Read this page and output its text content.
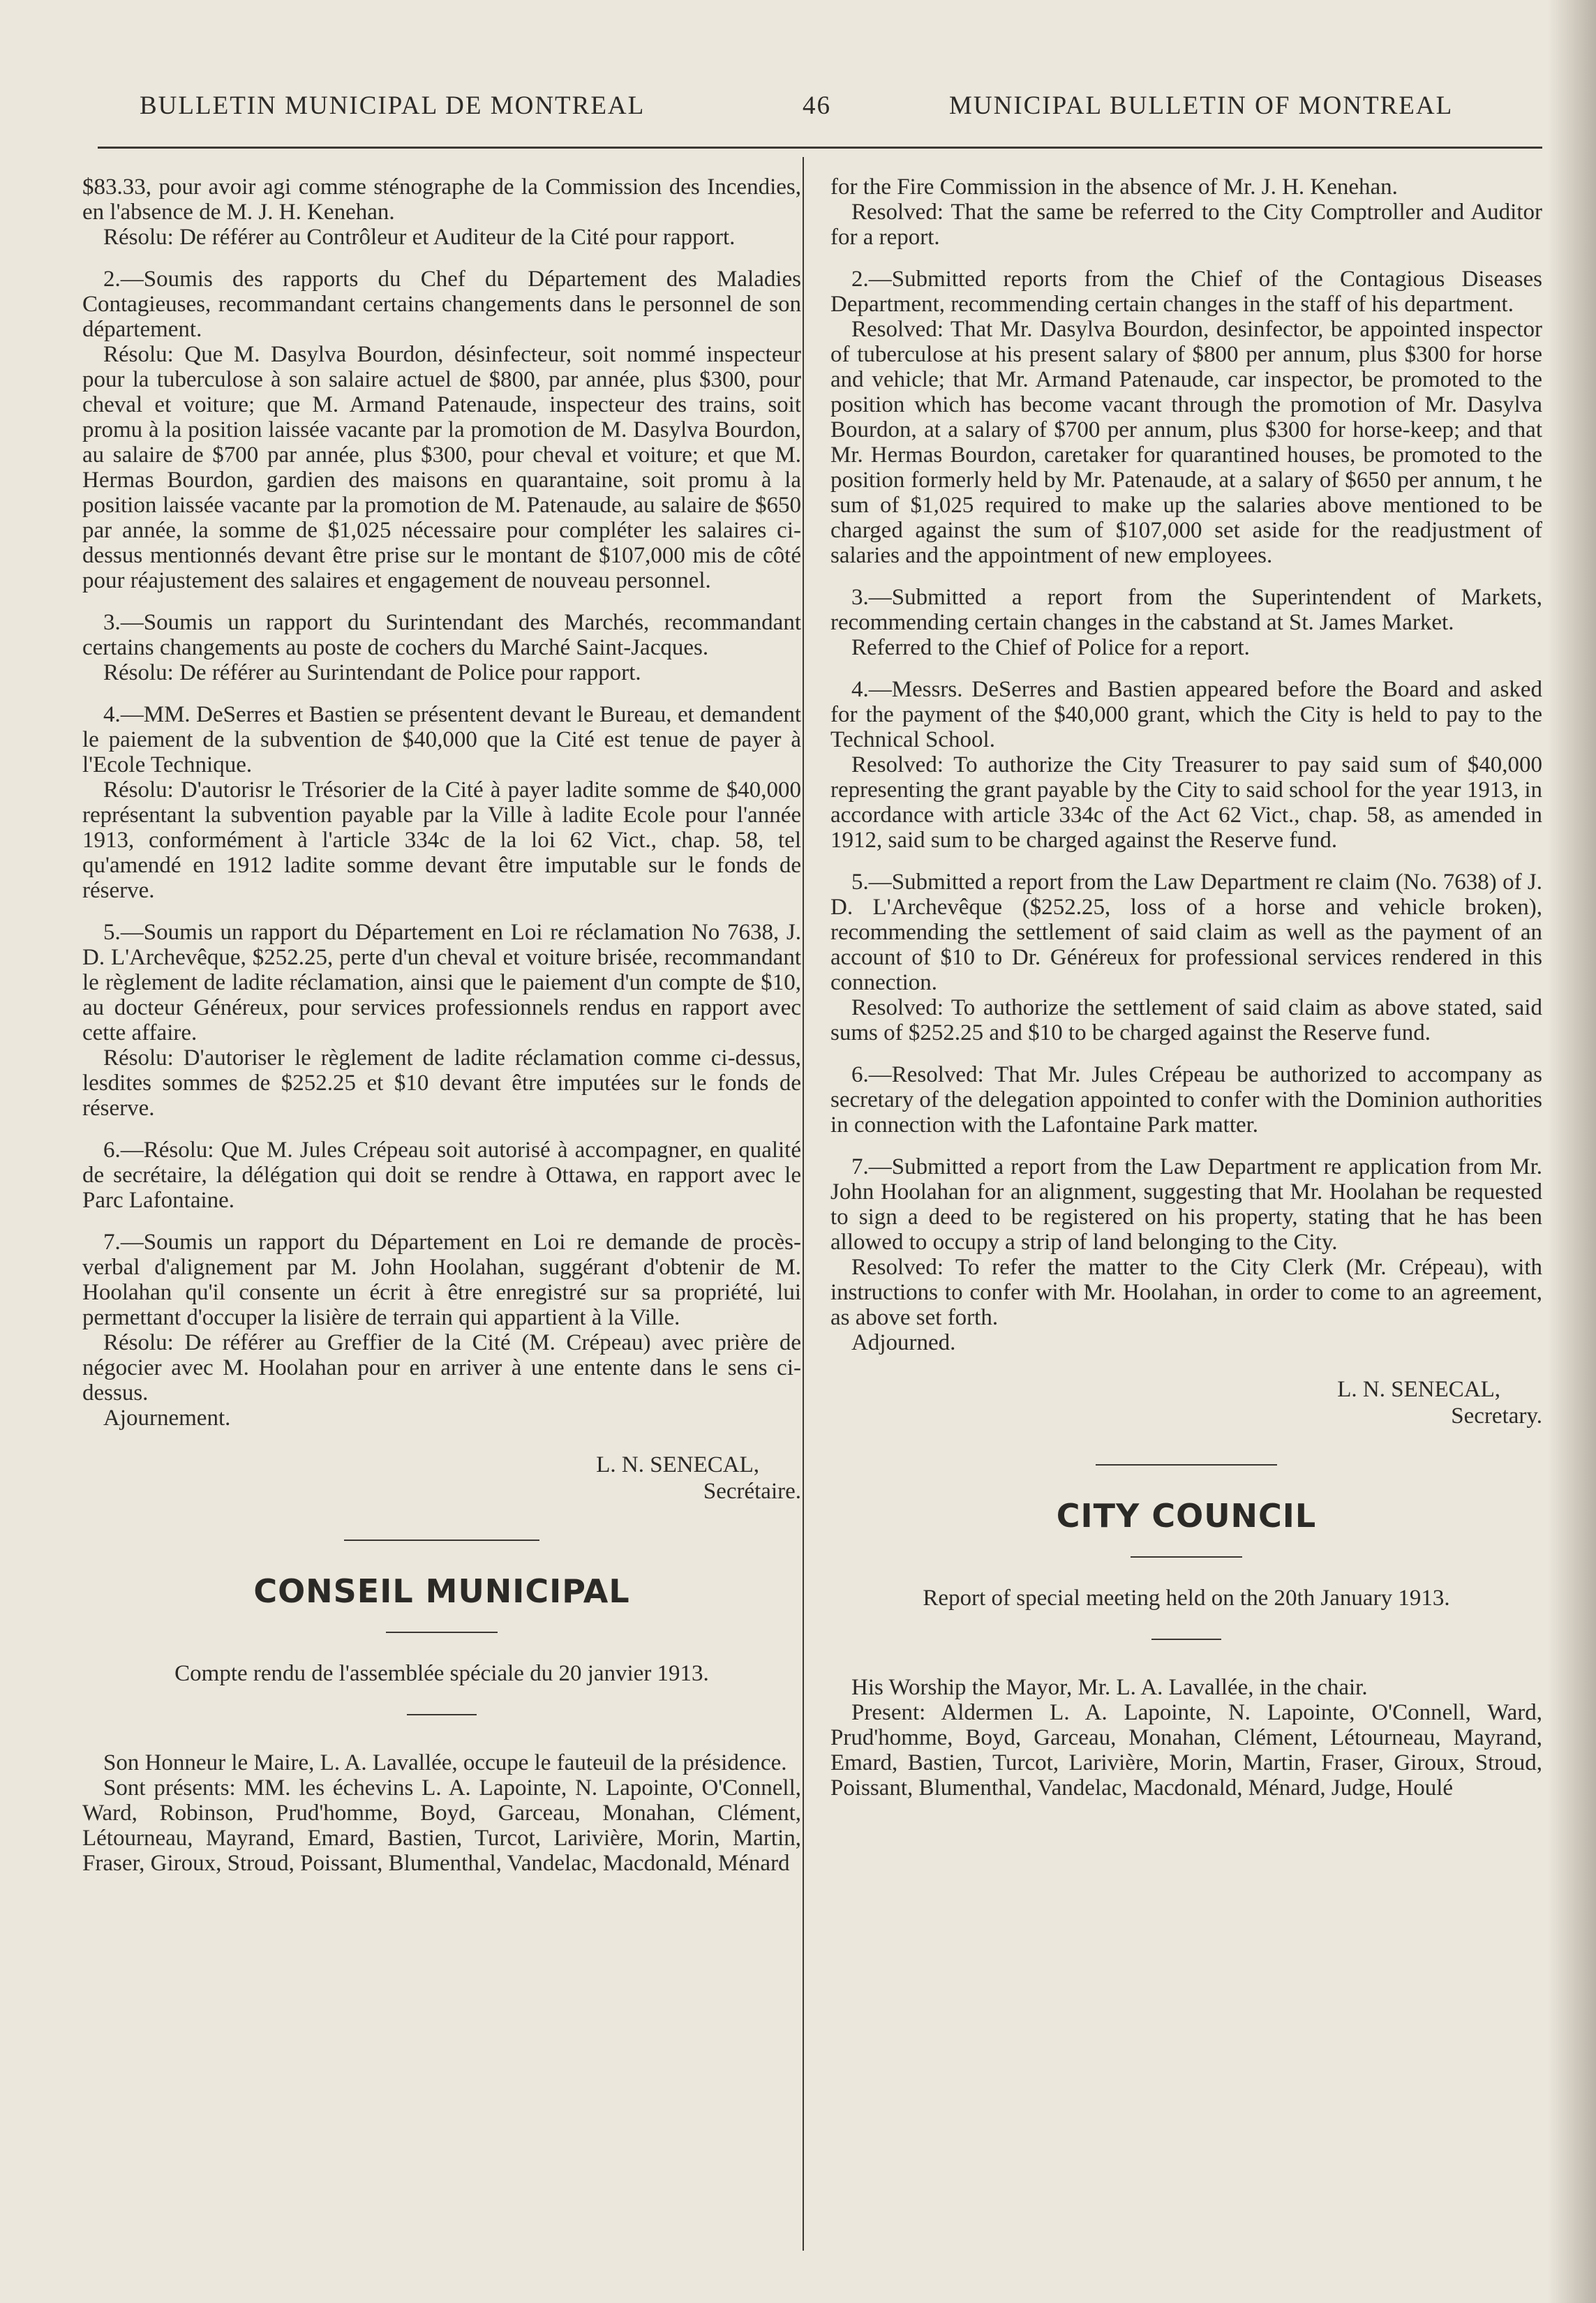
BULLETIN MUNICIPAL DE MONTREAL	46	MUNICIPAL BULLETIN OF MONTREAL

$83.33, pour avoir agi comme sténographe de la Commission des Incendies, en l'absence de M. J. H. Kenehan.

Résolu: De référer au Contrôleur et Auditeur de la Cité pour rapport.

2.—Soumis des rapports du Chef du Département des Maladies Contagieuses, recommandant certains changements dans le personnel de son département.

Résolu: Que M. Dasylva Bourdon, désinfecteur, soit nommé inspecteur pour la tuberculose à son salaire actuel de $800, par année, plus $300, pour cheval et voiture; que M. Armand Patenaude, inspecteur des trains, soit promu à la position laissée vacante par la promotion de M. Dasylva Bourdon, au salaire de $700 par année, plus $300, pour cheval et voiture; et que M. Hermas Bourdon, gardien des maisons en quarantaine, soit promu à la position laissée vacante par la promotion de M. Patenaude, au salaire de $650 par année, la somme de $1,025 nécessaire pour compléter les salaires ci-dessus mentionnés devant être prise sur le montant de $107,000 mis de côté pour réajustement des salaires et engagement de nouveau personnel.

3.—Soumis un rapport du Surintendant des Marchés, recommandant certains changements au poste de cochers du Marché Saint-Jacques.

Résolu: De référer au Surintendant de Police pour rapport.

4.—MM. DeSerres et Bastien se présentent devant le Bureau, et demandent le paiement de la subvention de $40,000 que la Cité est tenue de payer à l'Ecole Technique.

Résolu: D'autorisr le Trésorier de la Cité à payer ladite somme de $40,000 représentant la subvention payable par la Ville à ladite Ecole pour l'année 1913, conformément à l'article 334c de la loi 62 Vict., chap. 58, tel qu'amendé en 1912 ladite somme devant être imputable sur le fonds de réserve.

5.—Soumis un rapport du Département en Loi re réclamation No 7638, J. D. L'Archevêque, $252.25, perte d'un cheval et voiture brisée, recommandant le règlement de ladite réclamation, ainsi que le paiement d'un compte de $10, au docteur Généreux, pour services professionnels rendus en rapport avec cette affaire.

Résolu: D'autoriser le règlement de ladite réclamation comme ci-dessus, lesdites sommes de $252.25 et $10 devant être imputées sur le fonds de réserve.

6.—Résolu: Que M. Jules Crépeau soit autorisé à accompagner, en qualité de secrétaire, la délégation qui doit se rendre à Ottawa, en rapport avec le Parc Lafontaine.

7.—Soumis un rapport du Département en Loi re demande de procès-verbal d'alignement par M. John Hoolahan, suggérant d'obtenir de M. Hoolahan qu'il consente un écrit à être enregistré sur sa propriété, lui permettant d'occuper la lisière de terrain qui appartient à la Ville.

Résolu: De référer au Greffier de la Cité (M. Crépeau) avec prière de négocier avec M. Hoolahan pour en arriver à une entente dans le sens ci-dessus.

Ajournement.

L. N. SENECAL,
Secrétaire.
CONSEIL MUNICIPAL
Compte rendu de l'assemblée spéciale du 20 janvier 1913.

Son Honneur le Maire, L. A. Lavallée, occupe le fauteuil de la présidence.

Sont présents: MM. les échevins L. A. Lapointe, N. Lapointe, O'Connell, Ward, Robinson, Prud'homme, Boyd, Garceau, Monahan, Clément, Létourneau, Mayrand, Emard, Bastien, Turcot, Larivière, Morin, Martin, Fraser, Giroux, Stroud, Poissant, Blumenthal, Vandelac, Macdonald, Ménard

for the Fire Commission in the absence of Mr. J. H. Kenehan.

Resolved: That the same be referred to the City Comptroller and Auditor for a report.

2.—Submitted reports from the Chief of the Contagious Diseases Department, recommending certain changes in the staff of his department.

Resolved: That Mr. Dasylva Bourdon, desinfector, be appointed inspector of tuberculose at his present salary of $800 per annum, plus $300 for horse and vehicle; that Mr. Armand Patenaude, car inspector, be promoted to the position which has become vacant through the promotion of Mr. Dasylva Bourdon, at a salary of $700 per annum, plus $300 for horse-keep; and that Mr. Hermas Bourdon, caretaker for quarantined houses, be promoted to the position formerly held by Mr. Patenaude, at a salary of $650 per annum, t he sum of $1,025 required to make up the salaries above mentioned to be charged against the sum of $107,000 set aside for the readjustment of salaries and the appointment of new employees.

3.—Submitted a report from the Superintendent of Markets, recommending certain changes in the cabstand at St. James Market.

Referred to the Chief of Police for a report.

4.—Messrs. DeSerres and Bastien appeared before the Board and asked for the payment of the $40,000 grant, which the City is held to pay to the Technical School.

Resolved: To authorize the City Treasurer to pay said sum of $40,000 representing the grant payable by the City to said school for the year 1913, in accordance with article 334c of the Act 62 Vict., chap. 58, as amended in 1912, said sum to be charged against the Reserve fund.

5.—Submitted a report from the Law Department re claim (No. 7638) of J. D. L'Archevêque ($252.25, loss of a horse and vehicle broken), recommending the settlement of said claim as well as the payment of an account of $10 to Dr. Généreux for professional services rendered in this connection.

Resolved: To authorize the settlement of said claim as above stated, said sums of $252.25 and $10 to be charged against the Reserve fund.

6.—Resolved: That Mr. Jules Crépeau be authorized to accompany as secretary of the delegation appointed to confer with the Dominion authorities in connection with the Lafontaine Park matter.

7.—Submitted a report from the Law Department re application from Mr. John Hoolahan for an alignment, suggesting that Mr. Hoolahan be requested to sign a deed to be registered on his property, stating that he has been allowed to occupy a strip of land belonging to the City.

Resolved: To refer the matter to the City Clerk (Mr. Crépeau), with instructions to confer with Mr. Hoolahan, in order to come to an agreement, as above set forth.

Adjourned.

L. N. SENECAL,
Secretary.
CITY COUNCIL
Report of special meeting held on the 20th January 1913.

His Worship the Mayor, Mr. L. A. Lavallée, in the chair.

Present: Aldermen L. A. Lapointe, N. Lapointe, O'Connell, Ward, Prud'homme, Boyd, Garceau, Monahan, Clément, Létourneau, Mayrand, Emard, Bastien, Turcot, Larivière, Morin, Martin, Fraser, Giroux, Stroud, Poissant, Blumenthal, Vandelac, Macdonald, Ménard, Judge, Houlé
